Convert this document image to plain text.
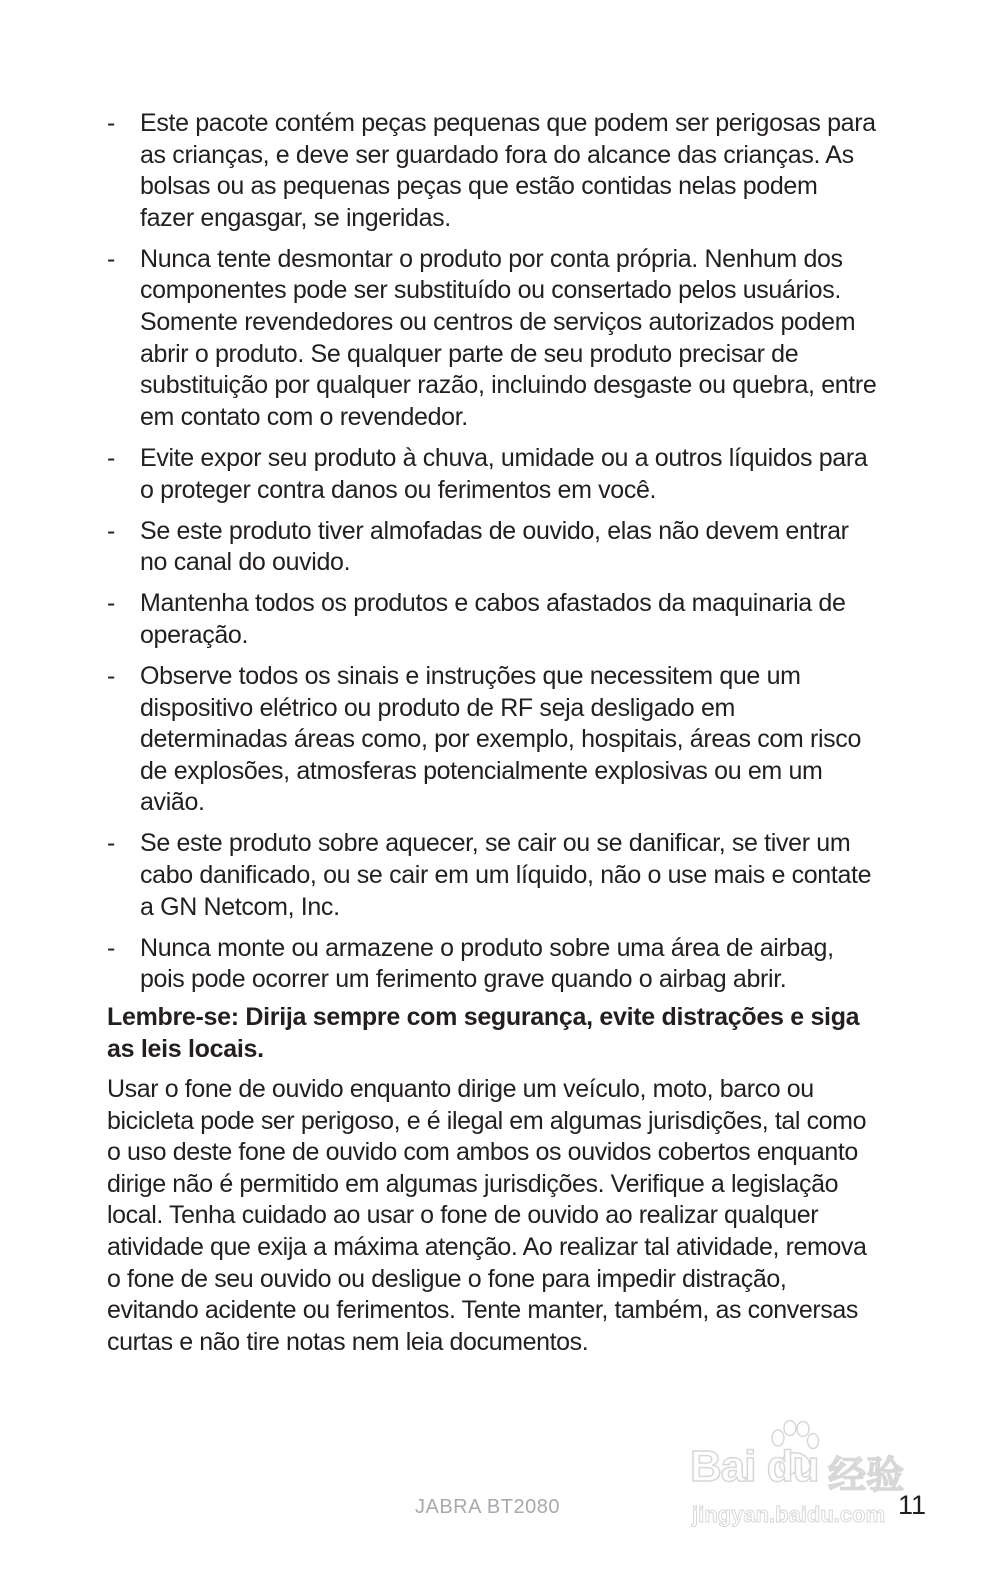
- Este pacote contém peças pequenas que podem ser perigosas para as crianças, e deve ser guardado fora do alcance das crianças. As bolsas ou as pequenas peças que estão contidas nelas podem fazer engasgar, se ingeridas.
- Nunca tente desmontar o produto por conta própria. Nenhum dos componentes pode ser substituído ou consertado pelos usuários. Somente revendedores ou centros de serviços autorizados podem abrir o produto. Se qualquer parte de seu produto precisar de substituição por qualquer razão, incluindo desgaste ou quebra, entre em contato com o revendedor.
- Evite expor seu produto à chuva, umidade ou a outros líquidos para o proteger contra danos ou ferimentos em você.
- Se este produto tiver almofadas de ouvido, elas não devem entrar no canal do ouvido.
- Mantenha todos os produtos e cabos afastados da maquinaria de operação.
- Observe todos os sinais e instruções que necessitem que um dispositivo elétrico ou produto de RF seja desligado em determinadas áreas como, por exemplo, hospitais, áreas com risco de explosões, atmosferas potencialmente explosivas ou em um avião.
- Se este produto sobre aquecer, se cair ou se danificar, se tiver um cabo danificado, ou se cair em um líquido, não o use mais e contate a GN Netcom, Inc.
- Nunca monte ou armazene o produto sobre uma área de airbag, pois pode ocorrer um ferimento grave quando o airbag abrir.
Lembre-se: Dirija sempre com segurança, evite distrações e siga as leis locais.
Usar o fone de ouvido enquanto dirige um veículo, moto, barco ou bicicleta pode ser perigoso, e é ilegal em algumas jurisdições, tal como o uso deste fone de ouvido com ambos os ouvidos cobertos enquanto dirige não é permitido em algumas jurisdições. Verifique a legislação local. Tenha cuidado ao usar o fone de ouvido ao realizar qualquer atividade que exija a máxima atenção. Ao realizar tal atividade, remova o fone de seu ouvido ou desligue o fone para impedir distração, evitando acidente ou ferimentos. Tente manter, também, as conversas curtas e não tire notas nem leia documentos.
JABRA BT2080
Bai du 经验
jingyan.baidu.com 11
